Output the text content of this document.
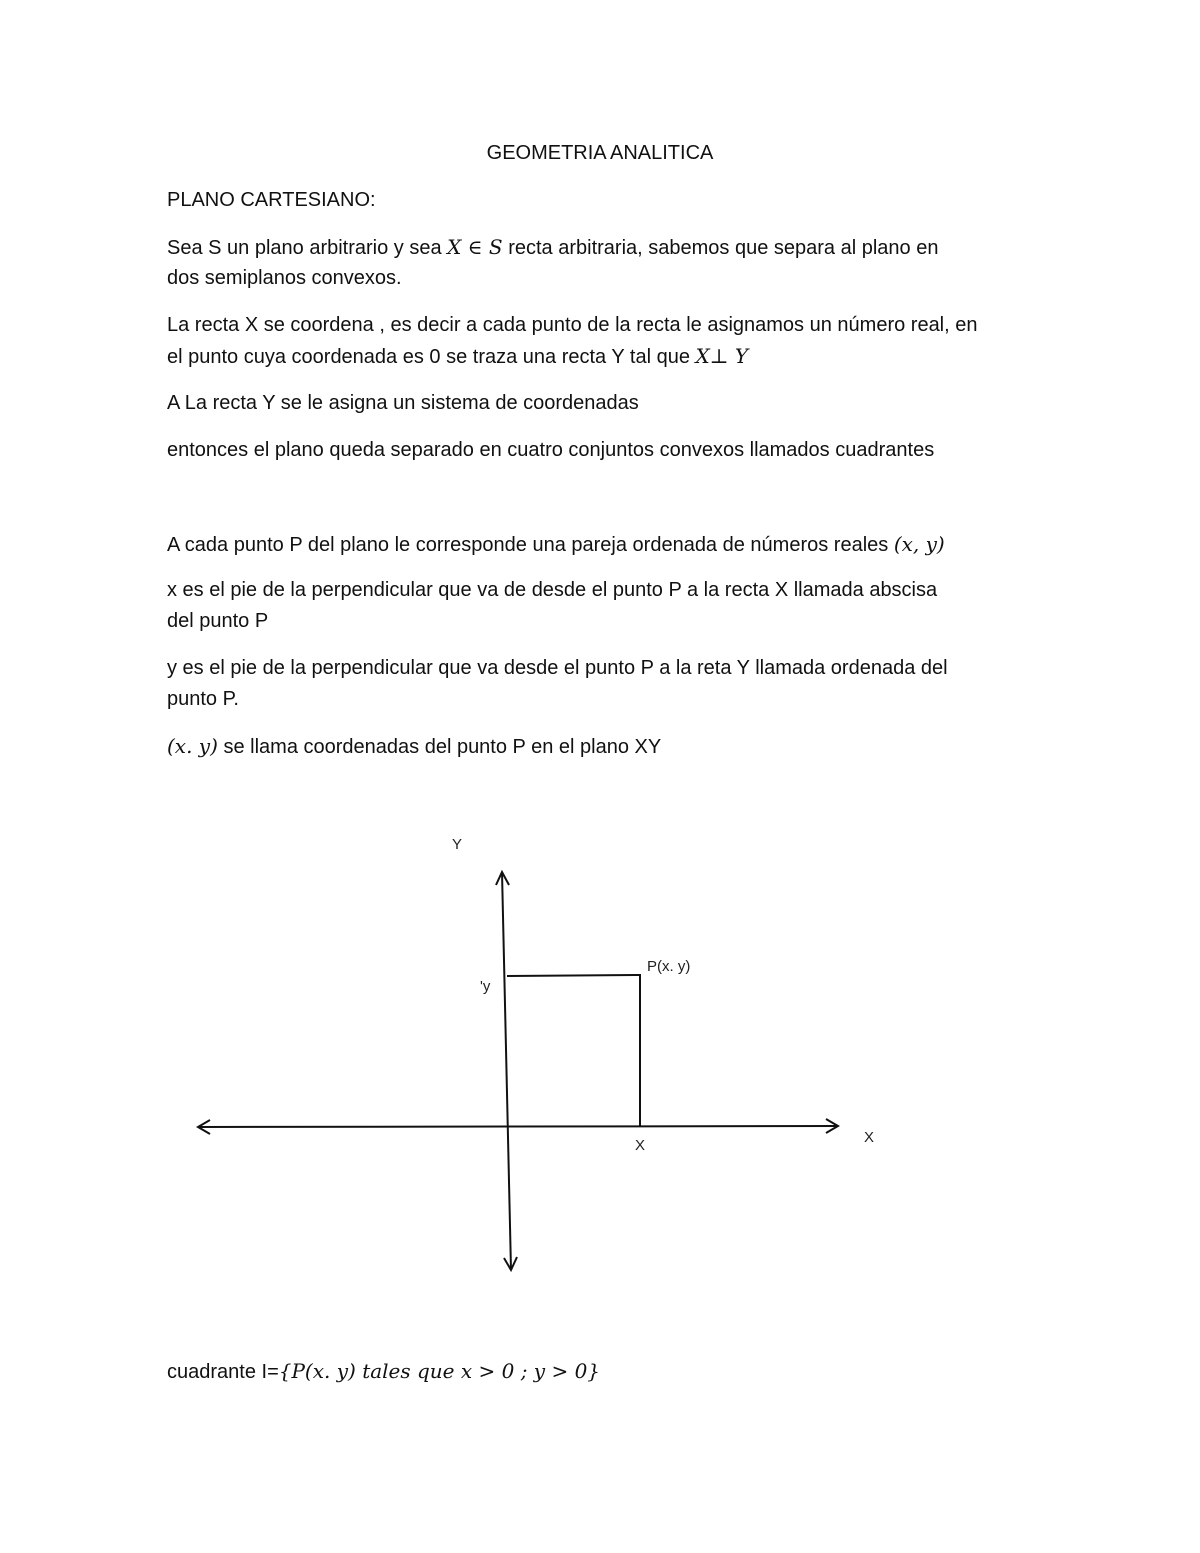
GEOMETRIA ANALITICA
PLANO CARTESIANO:
Sea S un plano arbitrario y sea X ∈ S recta arbitraria, sabemos que separa al plano en
dos semiplanos convexos.
La recta X se coordena , es decir a cada punto de la recta le asignamos un número real, en
el punto cuya coordenada es 0 se traza una recta Y tal que X⊥ Y
A La recta Y se le asigna un sistema de coordenadas
entonces el plano queda separado en cuatro conjuntos convexos llamados cuadrantes
A cada punto P del plano le corresponde una pareja ordenada de números reales (x, y)
x es el pie de la perpendicular que va de desde el punto P a la recta X llamada abscisa
del punto P
y es el pie de la perpendicular que va desde el punto P a la reta Y llamada ordenada del
punto P.
(x. y) se llama coordenadas del punto P en el plano XY
Y
X
P(x. y)
'y
X
cuadrante I={P(x. y) tales que x > 0 ; y > 0}
